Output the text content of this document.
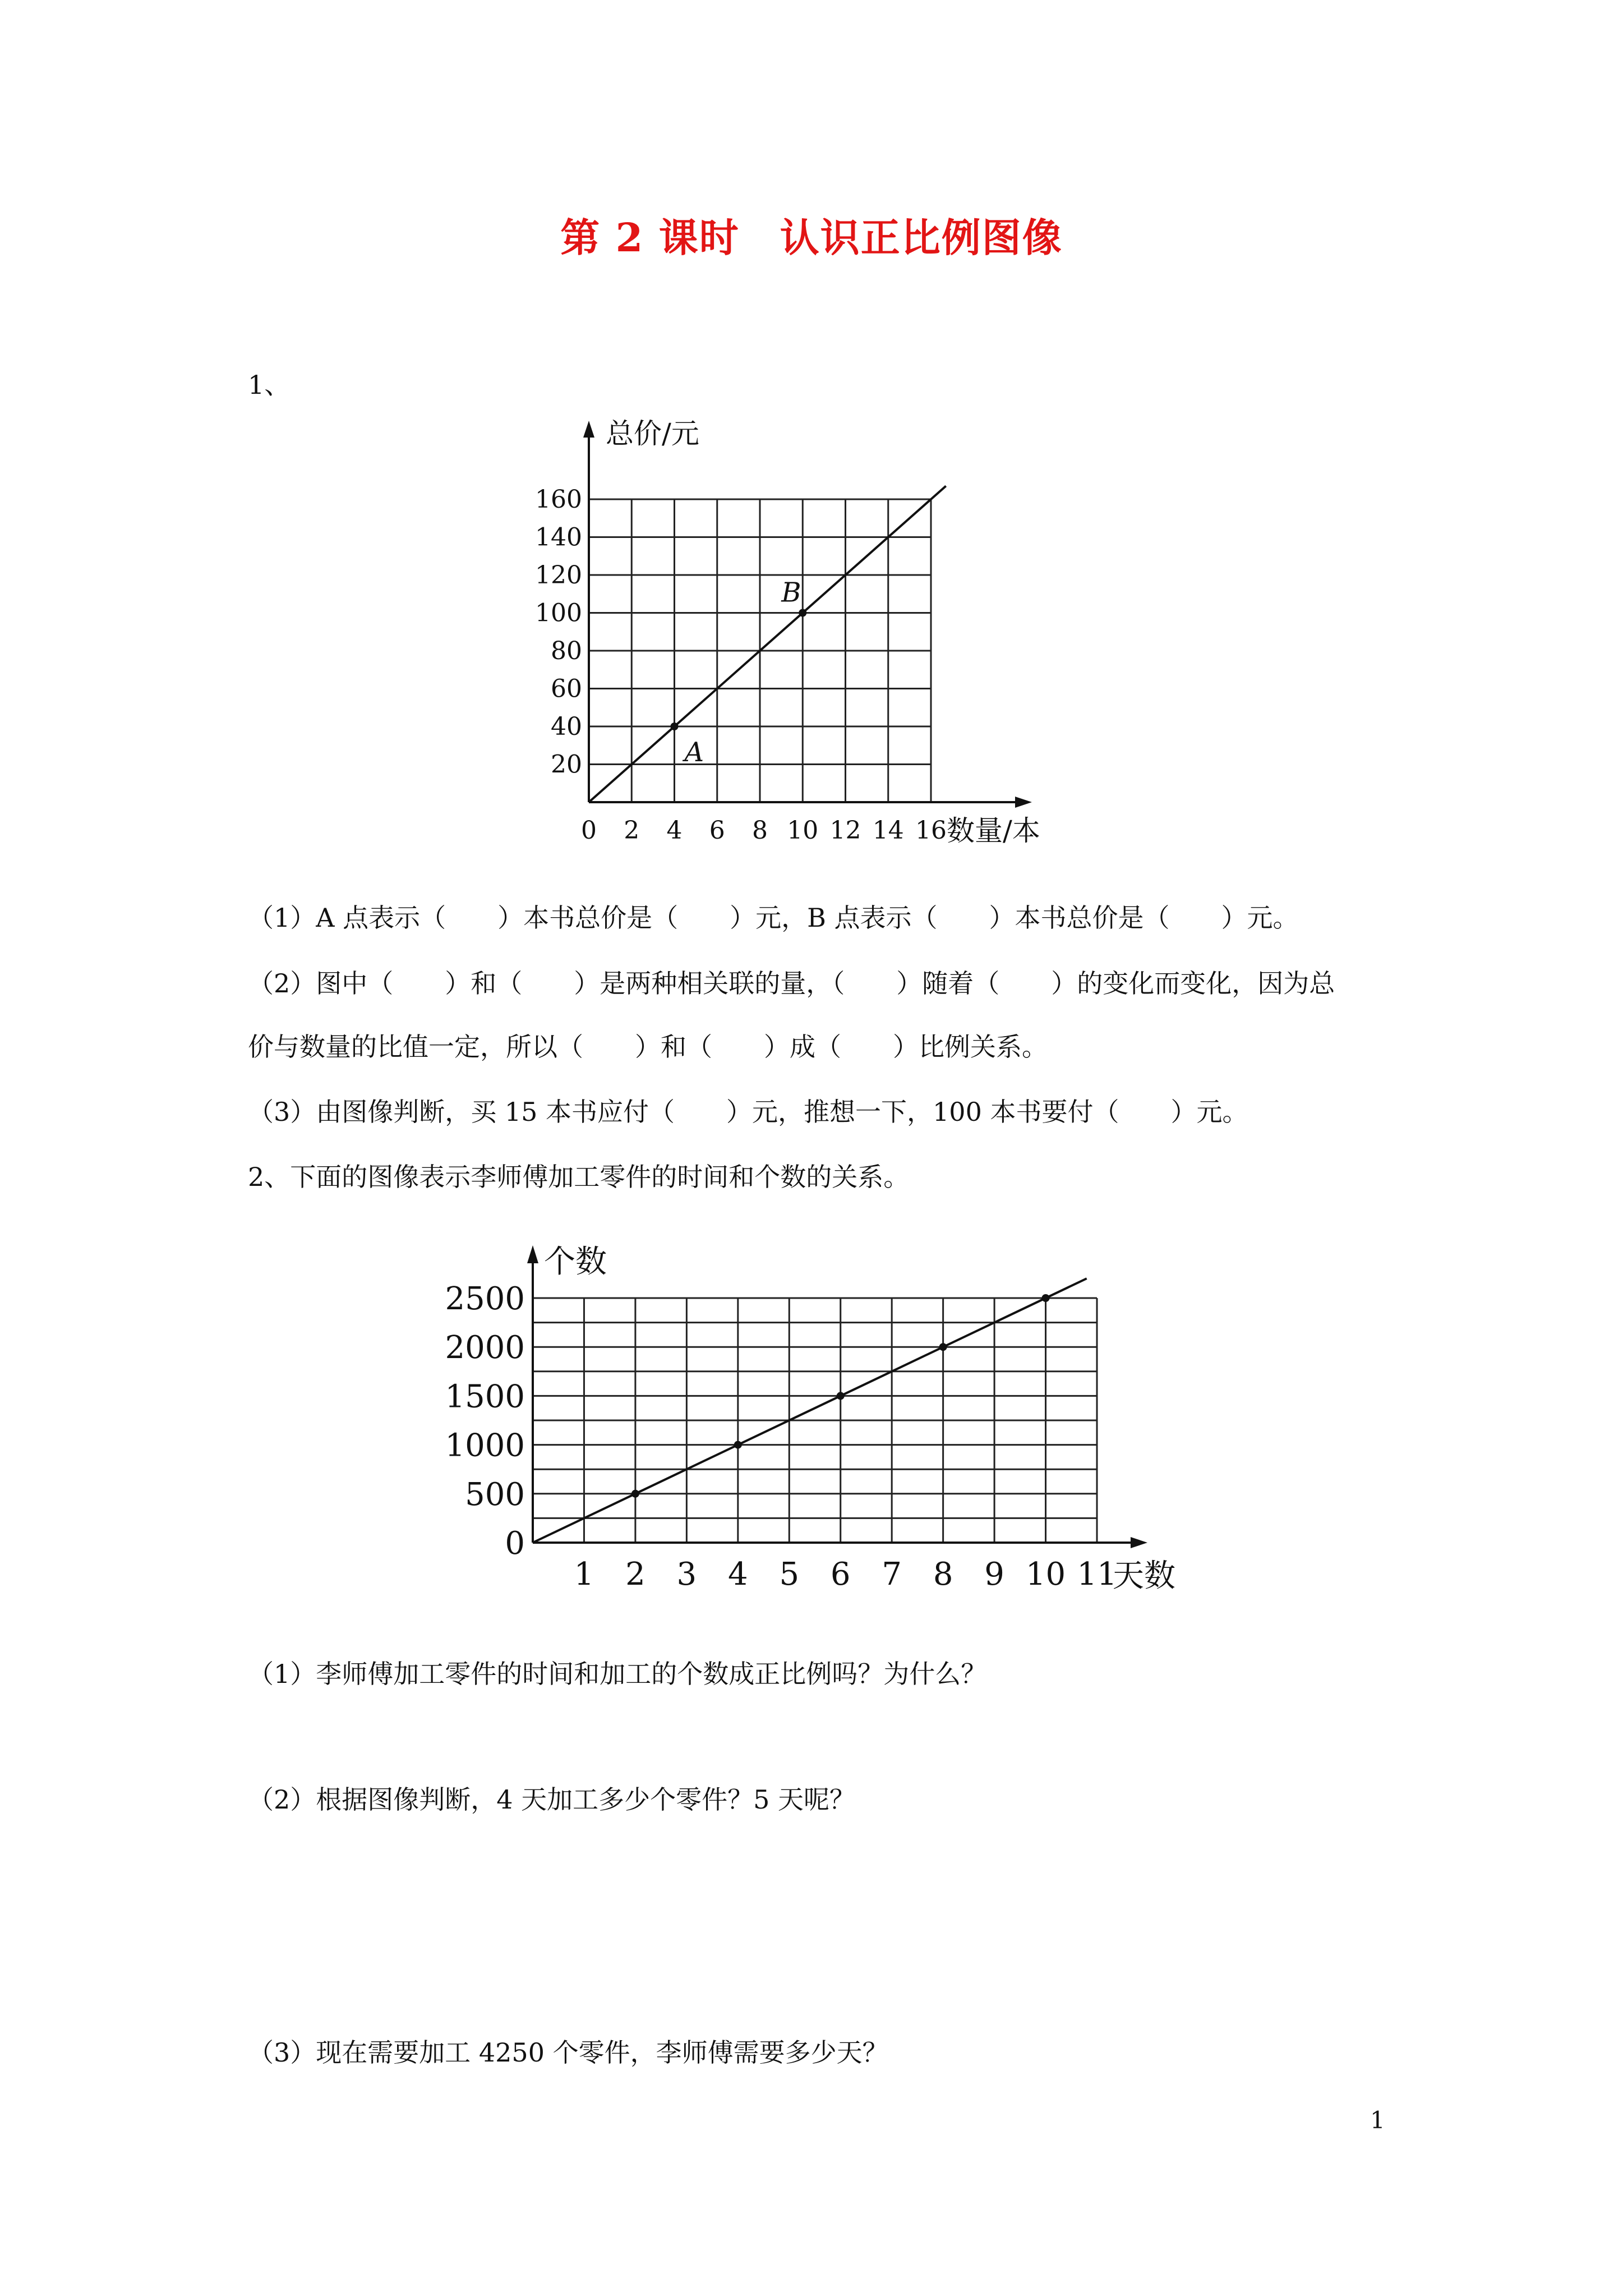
第 2 课时　认识正比例图像
1、
20
40
60
80
100
120
140
160
0 2 4 6 8 10 12 14 16
A
B
总价/元
数量/本
（1）A 点表示（　　）本书总价是（　　）元，B 点表示（　　）本书总价是（　　）元。
（2）图中（　　）和（　　）是两种相关联的量，（　　）随着（　　）的变化而变化，因为总
价与数量的比值一定，所以（　　）和（　　）成（　　）比例关系。
（3）由图像判断，买 15 本书应付（　　）元，推想一下，100 本书要付（　　）元。
2、下面的图像表示李师傅加工零件的时间和个数的关系。
0
500
1000
1500
2000
2500
1 2 3 4 5 6 7 8 9 10 11
个数
天数
（1）李师傅加工零件的时间和加工的个数成正比例吗？为什么？
（2）根据图像判断，4 天加工多少个零件？5 天呢？
（3）现在需要加工 4250 个零件，李师傅需要多少天？
1
